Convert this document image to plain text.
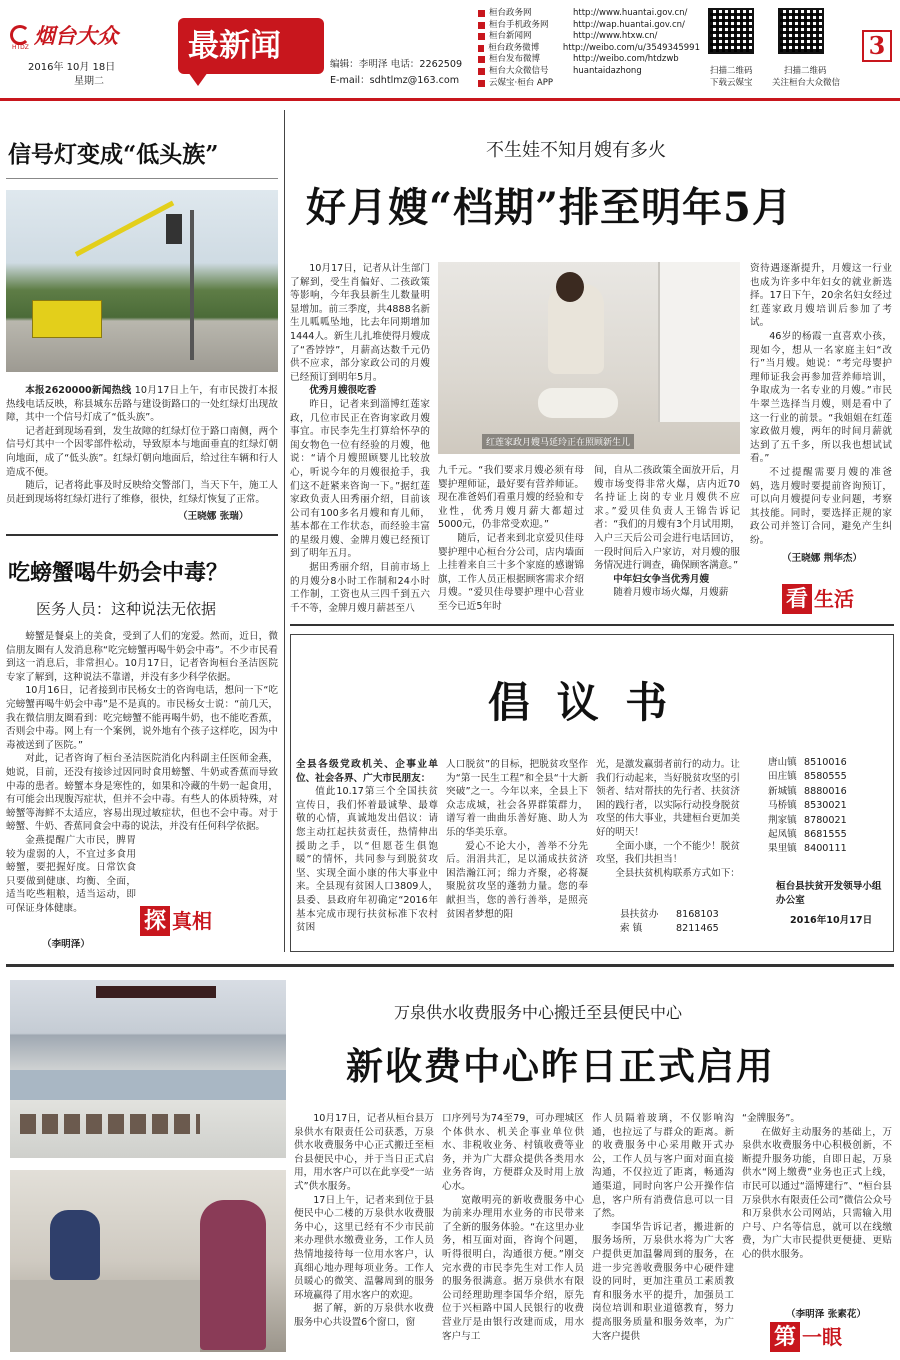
烟台大众
HTDZ
2016年 10月 18日
星期二
最新闻
编辑：李明泽 电话：2262509
E-mail：sdhtlmz@163.com
桓台政务网	http://www.huantai.gov.cn/
桓台手机政务网	http://wap.huantai.gov.cn/
桓台新闻网	http://www.htxw.cn/
桓台政务微博	http://weibo.com/u/3549345991
桓台发布微博	http://weibo.com/htdzwb
桓台大众微信号	huantaidazhong
云媒宝·桓台 APP
扫描二维码
下载云媒宝
扫描二维码
关注桓台大众微信
3
信号灯变成“低头族”

本报2620000新闻热线 10月17日上午，有市民拨打本报热线电话反映，称县城东岳路与建设街路口的一处红绿灯出现故障，其中一个信号灯成了“低头族”。

记者赶到现场看到，发生故障的红绿灯位于路口南侧，两个信号灯其中一个因零部件松动，导致原本与地面垂直的红绿灯朝向地面，成了“低头族”。红绿灯朝向地面后，给过往车辆和行人造成不便。

随后，记者将此事及时反映给交警部门，当天下午，施工人员赶到现场将红绿灯进行了维修，很快，红绿灯恢复了正常。

（王晓娜 张瑞）
吃螃蟹喝牛奶会中毒？
医务人员：这种说法无依据

螃蟹是餐桌上的美食，受到了人们的宠爱。然而，近日，微信朋友圈有人发消息称“吃完螃蟹再喝牛奶会中毒”。不少市民看到这一消息后，非常担心。10月17日，记者咨询桓台圣洁医院专家了解到，这种说法不靠谱，并没有多少科学依据。

10月16日，记者接到市民杨女士的咨询电话，想问一下“吃完螃蟹再喝牛奶会中毒”是不是真的。市民杨女士说：“前几天，我在微信朋友圈看到：吃完螃蟹不能再喝牛奶，也不能吃香蕉，否则会中毒。网上有一个案例，说外地有个孩子这样吃，因为中毒被送到了医院。”

对此，记者咨询了桓台圣洁医院消化内科副主任医师金燕，她说，目前，还没有接诊过因同时食用螃蟹、牛奶或香蕉而导致中毒的患者。螃蟹本身是寒性的，如果和冷藏的牛奶一起食用，有可能会出现腹泻症状，但并不会中毒。有些人的体质特殊，对螃蟹等海鲜不太适应，容易出现过敏症状，但也不会中毒。对于螃蟹、牛奶、香蕉同食会中毒的说法，并没有任何科学依据。

金燕提醒广大市民，脾胃较为虚弱的人，不宜过多食用螃蟹，要把握好度。日常饮食只要做到健康、均衡、全面，适当吃些粗粮，适当运动，即可保证身体健康。

（李明泽）
探 真相
不生娃不知月嫂有多火
好月嫂“档期”排至明年5月

10月17日，记者从计生部门了解到，受生肖偏好、二孩政策等影响，今年我县新生儿数量明显增加。前三季度，共4888名新生儿呱呱坠地，比去年同期增加1444人。新生儿扎堆使得月嫂成了“香饽饽”，月薪高达数千元仍供不应求，部分家政公司的月嫂已经预订到明年5月。

优秀月嫂很吃香

昨日，记者来到淄博红莲家政，几位市民正在咨询家政月嫂事宜。市民李先生打算给怀孕的闺女物色一位有经验的月嫂，他说：“请个月嫂照顾婴儿比较放心，听说今年的月嫂很抢手，我们这不赶紧来咨询一下。”据红莲家政负责人田秀丽介绍，目前该公司有100多名月嫂和育儿师，基本都在工作状态，而经验丰富的星级月嫂、金牌月嫂已经预订到了明年五月。

据田秀丽介绍，目前市场上的月嫂分8小时工作制和24小时工作制，工资也从三四千到五六千不等，金牌月嫂月薪甚至八

红莲家政月嫂马延玲正在照顾新生儿

九千元。“我们要求月嫂必须有母婴护理师证，最好要有营养师证。现在准爸妈们看重月嫂的经验和专业性，优秀月嫂月薪大都超过5000元，仍非常受欢迎。”

随后，记者来到北京爱贝佳母婴护理中心桓台分公司，店内墙面上挂着来自三十多个家庭的感谢锦旗，工作人员正根据顾客需求介绍月嫂。“爱贝佳母婴护理中心营业至今已近5年时

间，自从二孩政策全面放开后，月嫂市场变得非常火爆，店内近70名持证上岗的专业月嫂供不应求。”爱贝佳负责人王锦告诉记者：“我们的月嫂有3个月试用期，入户三天后公司会进行电话回访，一段时间后入户家访，对月嫂的服务情况进行调查，确保顾客满意。”

中年妇女争当优秀月嫂

随着月嫂市场火爆，月嫂薪

资待遇逐渐提升，月嫂这一行业也成为许多中年妇女的就业新选择。17日下午，20余名妇女经过红莲家政月嫂培训后参加了考试。

46岁的杨霞一直喜欢小孩，现如今，想从一名家庭主妇“改行”当月嫂。她说：“考完母婴护理师证我会再参加营养师培训，争取成为一名专业的月嫂。”市民牛翠兰选择当月嫂，则是看中了这一行业的前景。“我姐姐在红莲家政做月嫂，两年的时间月薪就达到了五千多，所以我也想试试看。”

不过提醒需要月嫂的准爸妈，选月嫂时要提前咨询预订，可以向月嫂提问专业问题，考察其技能。同时，要选择正规的家政公司并签订合同，避免产生纠纷。

（王晓娜 荆华杰）
看 生活
倡 议 书

全县各级党政机关、企事业单位、社会各界、广大市民朋友：

值此10.17第三个全国扶贫宣传日，我们怀着最诚挚、最尊敬的心情，真诚地发出倡议：请您主动扛起扶贫责任，热情伸出援助之手，以“但愿苍生俱饱暖”的情怀，共同参与到脱贫攻坚、实现全面小康的伟大事业中来。全县现有贫困人口3809人，县委、县政府年初确定“2016年基本完成市现行扶贫标准下农村贫困

人口脱贫”的目标，把脱贫攻坚作为“第一民生工程”和全县“十大新突破”之一。今年以来，全县上下众志成城，社会各界群策群力，谱写着一曲曲乐善好施、助人为乐的华美乐章。

爱心不论大小，善举不分先后。涓涓共汇，足以涌成扶贫济困浩瀚江河；绵力齐聚，必将凝聚脱贫攻坚的蓬勃力量。您的奉献担当，您的善行善举，是照亮贫困者梦想的阳

光，是激发赢弱者前行的动力。让我们行动起来，当好脱贫攻坚的引领者、结对帮扶的先行者、扶贫济困的践行者，以实际行动投身脱贫攻坚的伟大事业，共建桓台更加美好的明天！

全面小康，一个不能少！脱贫攻坚，我们共担当！

全县扶贫机构联系方式如下：

县扶贫办	8168103
索 镇	8211465
唐山镇 8510016
田庄镇 8580555
新城镇 8880016
马桥镇 8530021
荆家镇 8780021
起凤镇 8681555
果里镇 8400111
桓台县扶贫开发领导小组办公室
2016年10月17日
万泉供水收费服务中心搬迁至县便民中心
新收费中心昨日正式启用

10月17日，记者从桓台县万泉供水有限责任公司获悉，万泉供水收费服务中心正式搬迁至桓台县便民中心，并于当日正式启用，用水客户可以在此享受“一站式”供水服务。

17日上午，记者来到位于县便民中心二楼的万泉供水收费服务中心，这里已经有不少市民前来办理供水缴费业务，工作人员热情地接待每一位用水客户，认真细心地办理每项业务。工作人员暖心的微笑、温馨周到的服务环境赢得了用水客户的欢迎。

据了解，新的万泉供水收费服务中心共设置6个窗口，窗

口序列号为74至79，可办理城区个体供水、机关企事业单位供水、非税收业务、村镇收费等业务，并为广大群众提供各类用水业务咨询，方便群众及时用上放心水。

宽敞明亮的新收费服务中心为前来办理用水业务的市民带来了全新的服务体验。“在这里办业务，相互面对面，咨询个问题，听得很明白，沟通很方便。”刚交完水费的市民李先生对工作人员的服务很满意。据万泉供水有限公司经理助理李国华介绍，原先位于兴桓路中国人民银行的收费营业厅是由银行改建而成，用水客户与工

作人员隔着玻璃，不仅影响沟通，也拉远了与群众的距离。新的收费服务中心采用敞开式办公，工作人员与客户面对面直接沟通，不仅拉近了距离，畅通沟通渠道，同时向客户公开操作信息，客户所有消费信息可以一目了然。

李国华告诉记者，搬进新的服务场所，万泉供水将为广大客户提供更加温馨周到的服务，在进一步完善收费服务中心硬件建设的同时，更加注重员工素质教育和服务水平的提升，加强员工岗位培训和职业道德教育，努力提高服务质量和服务效率，为广大客户提供

“金牌服务”。

在做好主动服务的基础上，万泉供水收费服务中心积极创新，不断提升服务功能，自即日起，万泉供水“网上缴费”业务也正式上线，市民可以通过“淄博建行”、“桓台县万泉供水有限责任公司”微信公众号和万泉供水公司网站，只需输入用户号、户名等信息，就可以在线缴费，为广大市民提供更便捷、更贴心的供水服务。

（李明泽 张素花）
第 一眼
